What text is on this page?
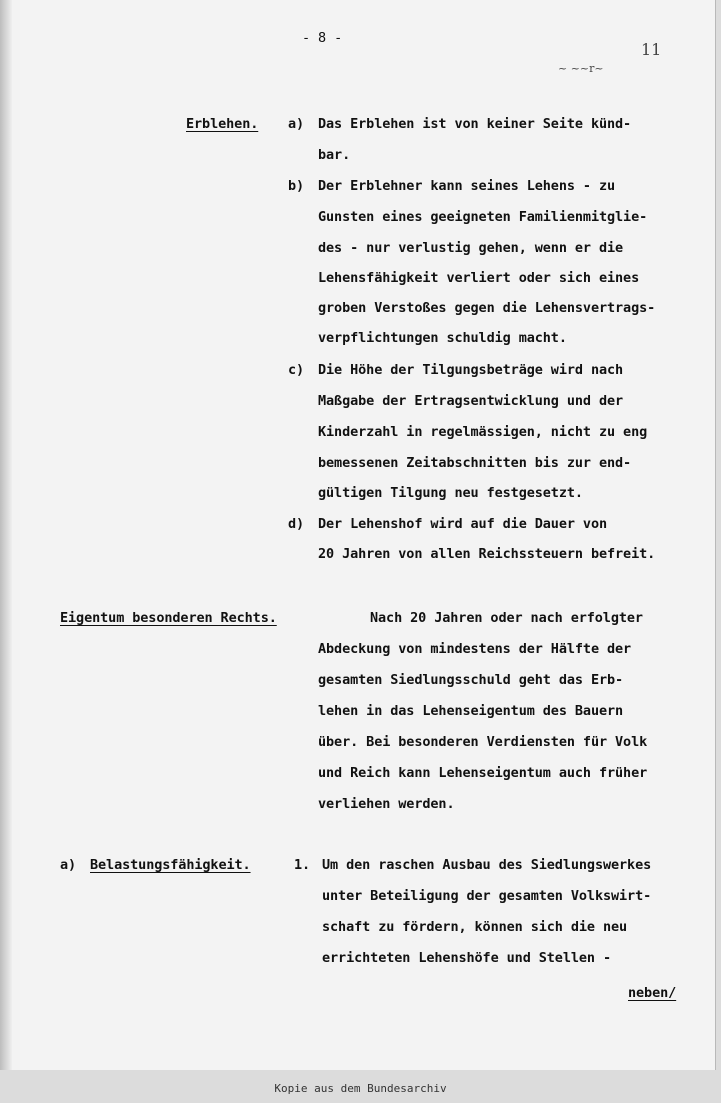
- 8 -

11

~ ~~r~

Erblehen. a) Das Erblehen ist von keiner Seite künd-

bar.

b) Der Erblehner kann seines Lehens - zu

Gunsten eines geeigneten Familienmitglie-

des - nur verlustig gehen, wenn er die

Lehensfähigkeit verliert oder sich eines

groben Verstoßes gegen die Lehensvertrags-

verpflichtungen schuldig macht.

c) Die Höhe der Tilgungsbeträge wird nach

Maßgabe der Ertragsentwicklung und der

Kinderzahl in regelmässigen, nicht zu eng

bemessenen Zeitabschnitten bis zur end-

gültigen Tilgung neu festgesetzt.

d) Der Lehenshof wird auf die Dauer von

20 Jahren von allen Reichssteuern befreit.

Eigentum besonderen Rechts.	Nach 20 Jahren oder nach erfolgter

Abdeckung von mindestens der Hälfte der

gesamten Siedlungsschuld geht das Erb-

lehen in das Lehenseigentum des Bauern

über. Bei besonderen Verdiensten für Volk

und Reich kann Lehenseigentum auch früher

verliehen werden.

a) Belastungsfähigkeit.	1. Um den raschen Ausbau des Siedlungswerkes

unter Beteiligung der gesamten Volkswirt-

schaft zu fördern, können sich die neu

errichteten Lehenshöfe und Stellen -

neben/

Kopie aus dem Bundesarchiv
